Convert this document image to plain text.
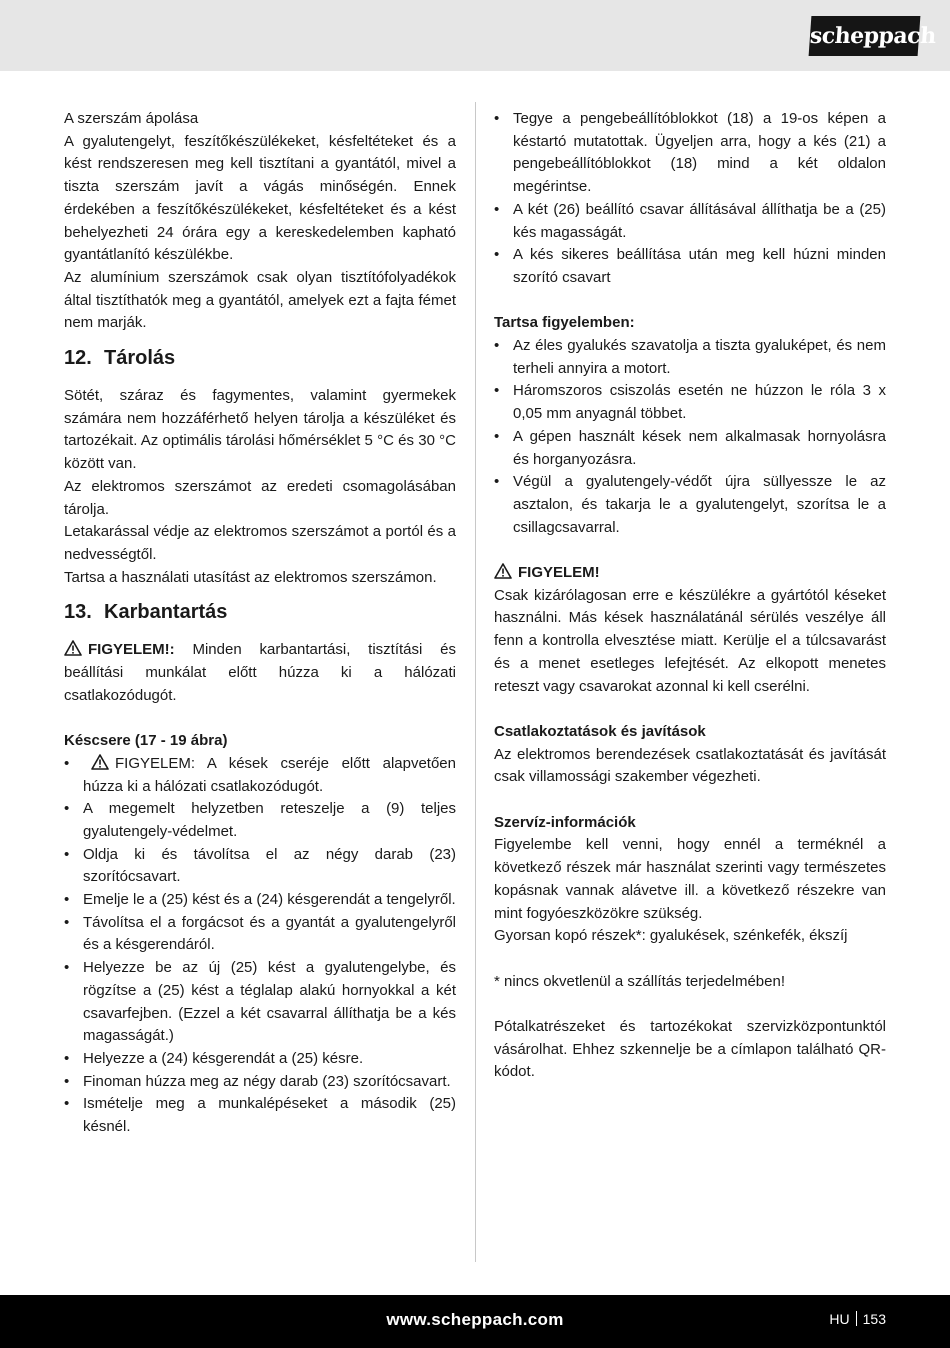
scheppach
A szerszám ápolása
A gyalutengelyt, feszítőkészülékeket, késfeltéteket és a kést rendszeresen meg kell tisztítani a gyantától, mivel a tiszta szerszám javít a vágás minőségén. Ennek érdekében a feszítőkészülékeket, késfeltéteket és a kést behelyezheti 24 órára egy a kereskedelemben kapható gyantátlanító készülékbe.
Az alumínium szerszámok csak olyan tisztítófolyadékok által tisztíthatók meg a gyantától, amelyek ezt a fajta fémet nem marják.
12. Tárolás
Sötét, száraz és fagymentes, valamint gyermekek számára nem hozzáférhető helyen tárolja a készüléket és tartozékait. Az optimális tárolási hőmérséklet 5 °C és 30 °C között van.
Az elektromos szerszámot az eredeti csomagolásában tárolja.
Letakarással védje az elektromos szerszámot a portól és a nedvességtől.
Tartsa a használati utasítást az elektromos szerszámon.
13. Karbantartás
FIGYELEM!: Minden karbantartási, tisztítási és beállítási munkálat előtt húzza ki a hálózati csatlakozódugót.
Késcsere (17 - 19 ábra)
• FIGYELEM: A kések cseréje előtt alapvetően húzza ki a hálózati csatlakozódugót.
• A megemelt helyzetben reteszelje a (9) teljes gyalutengely-védelmet.
• Oldja ki és távolítsa el az négy darab (23) szorítócsavart.
• Emelje le a (25) kést és a (24) késgerendát a tengelyről.
• Távolítsa el a forgácsot és a gyantát a gyalutengelyről és a késgerendáról.
• Helyezze be az új (25) kést a gyalutengelybe, és rögzítse a (25) kést a téglalap alakú hornyokkal a két csavarfejben. (Ezzel a két csavarral állíthatja be a kés magasságát.)
• Helyezze a (24) késgerendát a (25) késre.
• Finoman húzza meg az négy darab (23) szorítócsavart.
• Ismételje meg a munkalépéseket a második (25) késnél.
• Tegye a pengebeállítóblokkot (18) a 19-os képen a késtartó mutatottak. Ügyeljen arra, hogy a kés (21) a pengebeállítóblokkot (18) mind a két oldalon megérintse.
• A két (26) beállító csavar állításával állíthatja be a (25) kés magasságát.
• A kés sikeres beállítása után meg kell húzni minden szorító csavart
Tartsa figyelemben:
• Az éles gyalukés szavatolja a tiszta gyaluképet, és nem terheli annyira a motort.
• Háromszoros csiszolás esetén ne húzzon le róla 3 x 0,05 mm anyagnál többet.
• A gépen használt kések nem alkalmasak hornyolásra és horganyozásra.
• Végül a gyalutengely-védőt újra süllyessze le az asztalon, és takarja le a gyalutengelyt, szorítsa le a csillagcsavarral.
FIGYELEM!
Csak kizárólagosan erre e készülékre a gyártótól késeket használni. Más kések használatánál sérülés veszélye áll fenn a kontrolla elvesztése miatt. Kerülje el a túlcsavarást és a menet esetleges lefejtését. Az elkopott menetes reteszt vagy csavarokat azonnal ki kell cserélni.
Csatlakoztatások és javítások
Az elektromos berendezések csatlakoztatását és javítását csak villamossági szakember végezheti.
Szervíz-információk
Figyelembe kell venni, hogy ennél a terméknél a következő részek már használat szerinti vagy természetes kopásnak vannak alávetve ill. a következő részekre van mint fogyóeszközökre szükség.
Gyorsan kopó részek*: gyalukések, szénkefék, ékszíj
* nincs okvetlenül a szállítás terjedelmében!
Pótalkatrészeket és tartozékokat szervizközpontunktól vásárolhat. Ehhez szkennelje be a címlapon található QR-kódot.
www.scheppach.com	HU 153
